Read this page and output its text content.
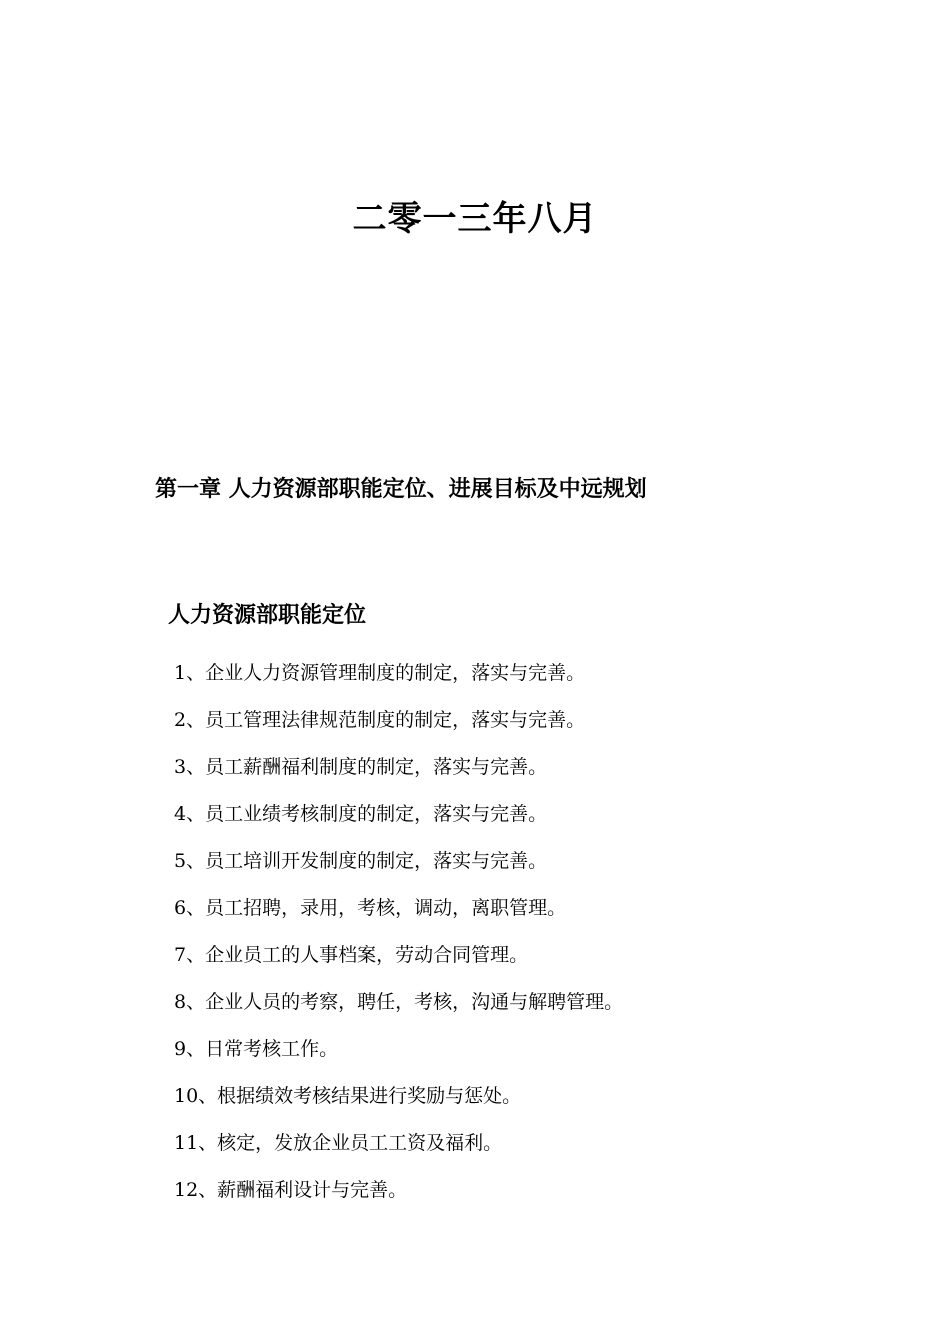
二零一三年八月
第一章 人力资源部职能定位、进展目标及中远规划
人力资源部职能定位
1、企业人力资源管理制度的制定，落实与完善。
2、员工管理法律规范制度的制定，落实与完善。
3、员工薪酬福利制度的制定，落实与完善。
4、员工业绩考核制度的制定，落实与完善。
5、员工培训开发制度的制定，落实与完善。
6、员工招聘，录用，考核，调动，离职管理。
7、企业员工的人事档案，劳动合同管理。
8、企业人员的考察，聘任，考核，沟通与解聘管理。
9、日常考核工作。
10、根据绩效考核结果进行奖励与惩处。
11、核定，发放企业员工工资及福利。
12、薪酬福利设计与完善。
